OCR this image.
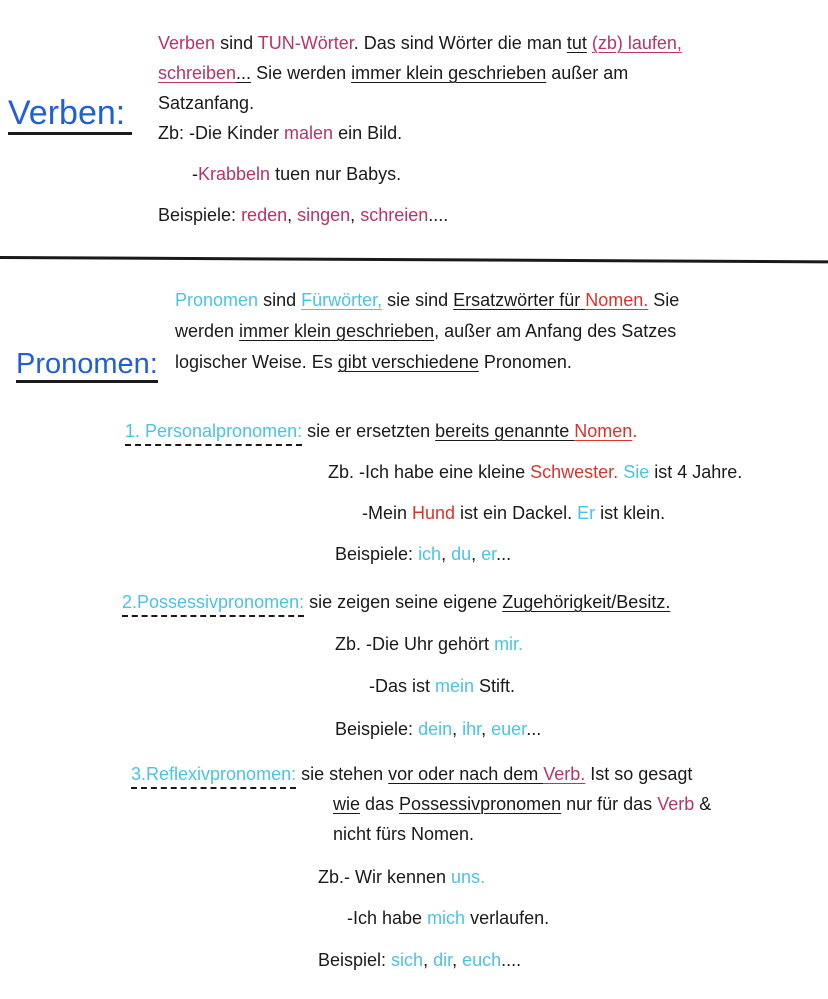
Verben:
Verben sind TUN-Wörter. Das sind Wörter die man tut (zb) laufen,
schreiben... Sie werden immer klein geschrieben außer am
Satzanfang.
Zb: -Die Kinder malen ein Bild.
-Krabbeln tuen nur Babys.
Beispiele: reden, singen, schreien....
Pronomen:
Pronomen sind Fürwörter, sie sind Ersatzwörter für Nomen. Sie
werden immer klein geschrieben, außer am Anfang des Satzes
logischer Weise. Es gibt verschiedene Pronomen.
1. Personalpronomen: sie er ersetzten bereits genannte Nomen.
Zb. -Ich habe eine kleine Schwester. Sie ist 4 Jahre.
-Mein Hund ist ein Dackel. Er ist klein.
Beispiele: ich, du, er...
2.Possessivpronomen: sie zeigen seine eigene Zugehörigkeit/Besitz.
Zb. -Die Uhr gehört mir.
-Das ist mein Stift.
Beispiele: dein, ihr, euer...
3.Reflexivpronomen: sie stehen vor oder nach dem Verb. Ist so gesagt
wie das Possessivpronomen nur für das Verb &
nicht fürs Nomen.
Zb.- Wir kennen uns.
-Ich habe mich verlaufen.
Beispiel: sich, dir, euch....
